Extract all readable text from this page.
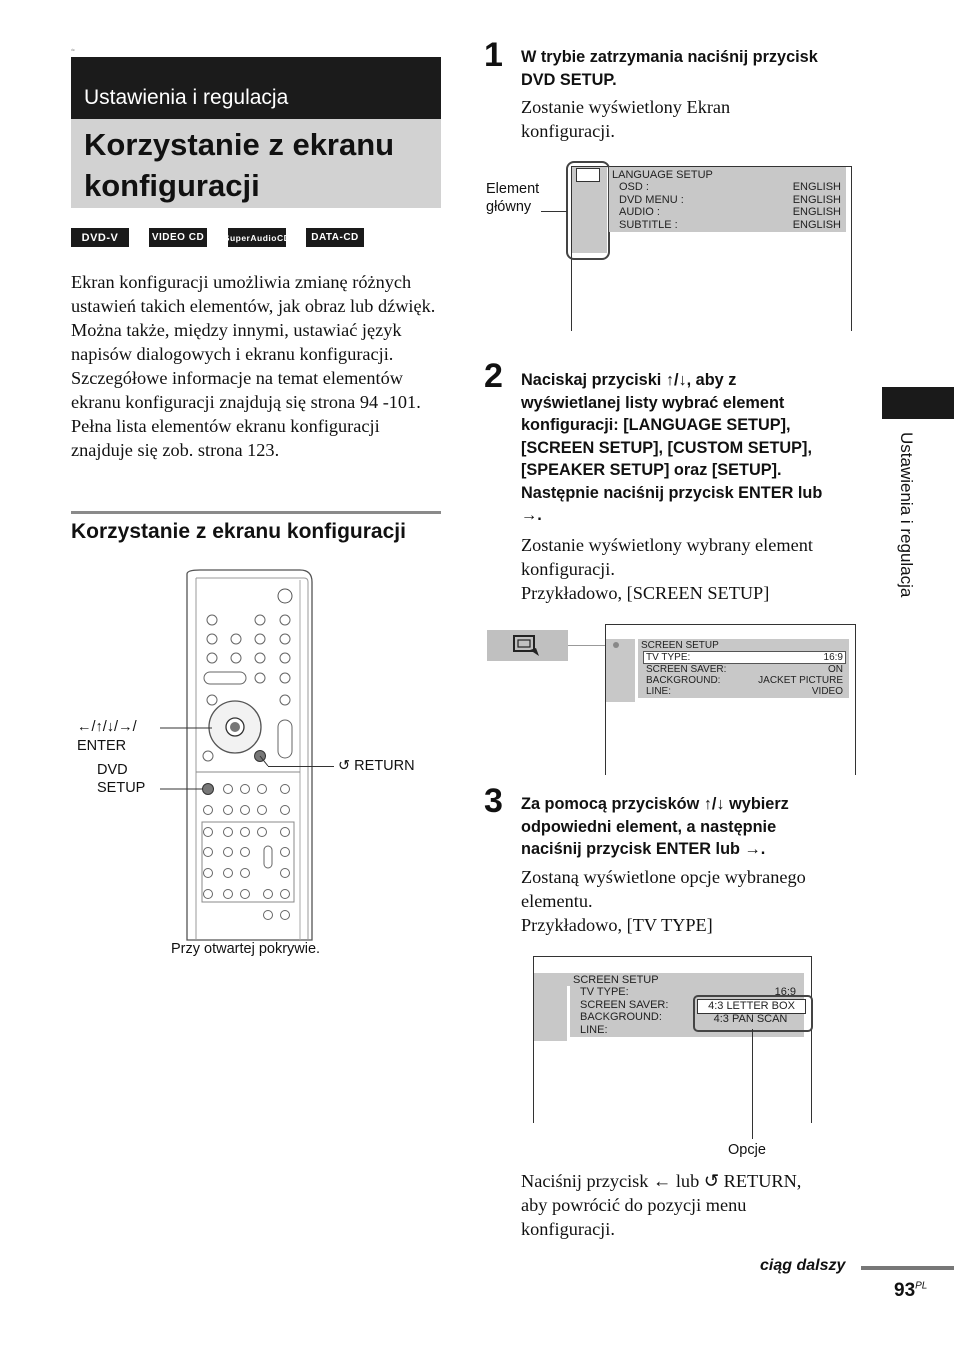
ᵈᵉ
Ustawienia i regulacja
Korzystanie z ekranu
konfiguracji
DVD-V	VIDEO CD	SuperAudioCD	DATA-CD
Ekran konfiguracji umożliwia zmianę różnych ustawień takich elementów, jak obraz lub dźwięk. Można także, między innymi, ustawiać język napisów dialogowych i ekranu konfiguracji. Szczegółowe informacje na temat elementów ekranu konfiguracji znajdują się strona 94 -101. Pełna lista elementów ekranu konfiguracji znajduje się zob. strona 123.
Korzystanie z ekranu konfiguracji
←/↑/↓/→/
ENTER
DVD
SETUP
↺ RETURN
Przy otwartej pokrywie.
1 W trybie zatrzymania naciśnij przycisk
DVD SETUP.
Zostanie wyświetlony Ekran
konfiguracji.
Element
główny
LANGUAGE SETUP
OSD :	ENGLISH
DVD MENU :	ENGLISH
AUDIO :	ENGLISH
SUBTITLE :	ENGLISH
2 Naciskaj przyciski ↑/↓, aby z
wyświetlanej listy wybrać element
konfiguracji: [LANGUAGE SETUP],
[SCREEN SETUP], [CUSTOM SETUP],
[SPEAKER SETUP] oraz [SETUP].
Następnie naciśnij przycisk ENTER lub
→.
Zostanie wyświetlony wybrany element
konfiguracji.
Przykładowo, [SCREEN SETUP]
SCREEN SETUP
TV TYPE:	16:9
SCREEN SAVER:	ON
BACKGROUND:	JACKET PICTURE
LINE:	VIDEO
3 Za pomocą przycisków ↑/↓ wybierz
odpowiedni element, a następnie
naciśnij przycisk ENTER lub →.
Zostaną wyświetlone opcje wybranego
elementu.
Przykładowo, [TV TYPE]
SCREEN SETUP
TV TYPE:	16:9
SCREEN SAVER:
BACKGROUND:
LINE:
4:3 LETTER BOX
4:3 PAN SCAN
Opcje
Naciśnij przycisk ← lub ↺ RETURN,
aby powrócić do pozycji menu
konfiguracji.
Ustawienia i regulacja
ciąg dalszy
$93^{PL}$
